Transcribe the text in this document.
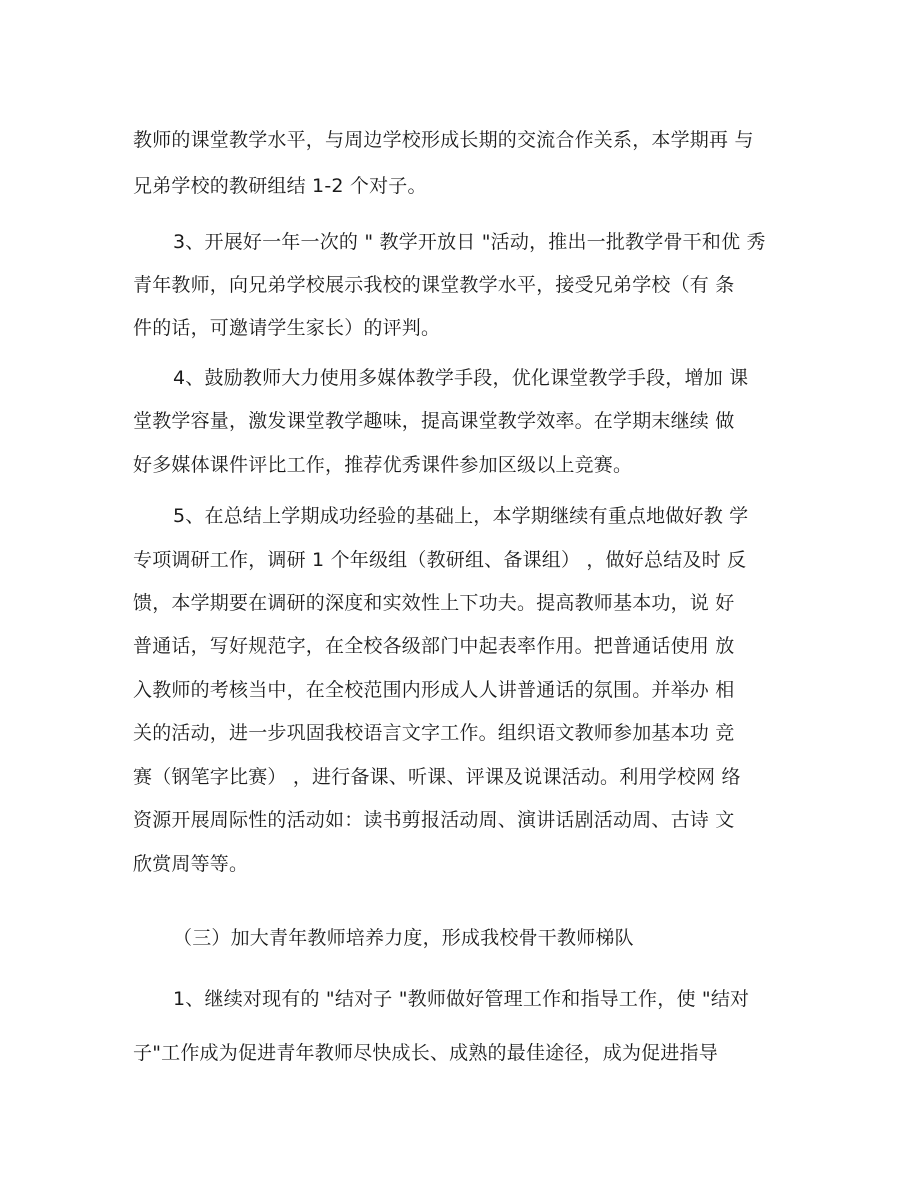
教师的课堂教学水平，与周边学校形成长期的交流合作关系，本学期再 与
兄弟学校的教研组结 1-2 个对子。
3、开展好一年一次的 " 教学开放日 "活动，推出一批教学骨干和优 秀
青年教师，向兄弟学校展示我校的课堂教学水平，接受兄弟学校（有 条
件的话，可邀请学生家长）的评判。
4、鼓励教师大力使用多媒体教学手段，优化课堂教学手段，增加 课
堂教学容量，激发课堂教学趣味，提高课堂教学效率。在学期末继续 做
好多媒体课件评比工作，推荐优秀课件参加区级以上竞赛。
5、在总结上学期成功经验的基础上，本学期继续有重点地做好教 学
专项调研工作，调研 1 个年级组（教研组、备课组） ，做好总结及时 反
馈，本学期要在调研的深度和实效性上下功夫。提高教师基本功，说 好
普通话，写好规范字，在全校各级部门中起表率作用。把普通话使用 放
入教师的考核当中，在全校范围内形成人人讲普通话的氛围。并举办 相
关的活动，进一步巩固我校语言文字工作。组织语文教师参加基本功 竞
赛（钢笔字比赛） ，进行备课、听课、评课及说课活动。利用学校网 络
资源开展周际性的活动如：读书剪报活动周、演讲话剧活动周、古诗 文
欣赏周等等。
（三）加大青年教师培养力度，形成我校骨干教师梯队
1、继续对现有的 "结对子 "教师做好管理工作和指导工作，使 "结对
子"工作成为促进青年教师尽快成长、成熟的最佳途径，成为促进指导
